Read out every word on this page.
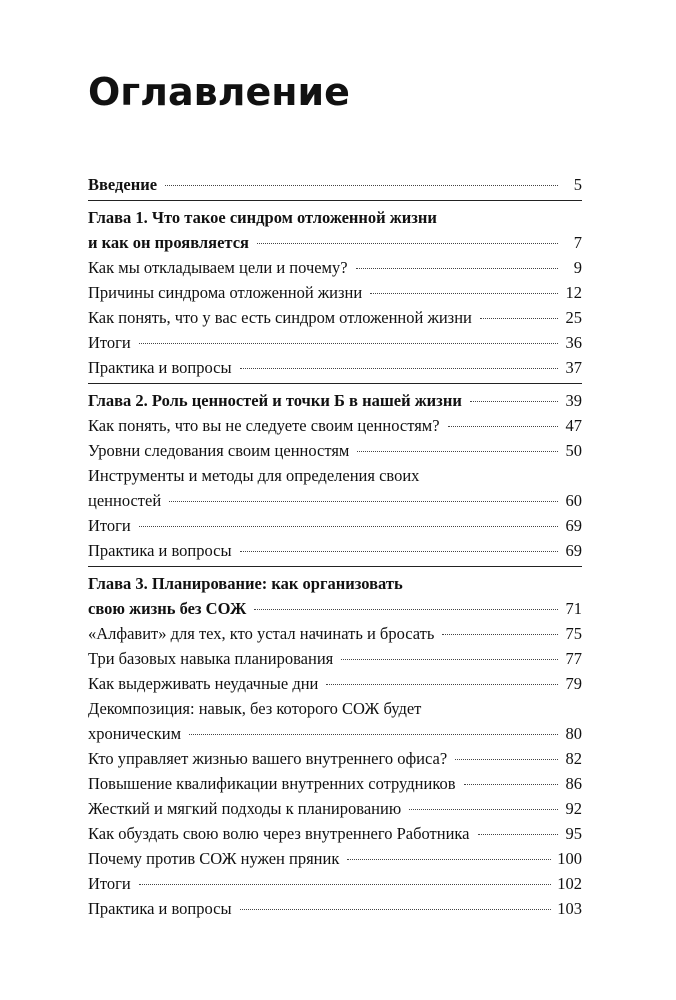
Оглавление
Введение	5
Глава 1. Что такое синдром отложенной жизни
и как он проявляется	7
Как мы откладываем цели и почему?	9
Причины синдрома отложенной жизни	12
Как понять, что у вас есть синдром отложенной жизни	25
Итоги	36
Практика и вопросы	37
Глава 2. Роль ценностей и точки Б в нашей жизни	39
Как понять, что вы не следуете своим ценностям?	47
Уровни следования своим ценностям	50
Инструменты и методы для определения своих
ценностей	60
Итоги	69
Практика и вопросы	69
Глава 3. Планирование: как организовать
свою жизнь без СОЖ	71
«Алфавит» для тех, кто устал начинать и бросать	75
Три базовых навыка планирования	77
Как выдерживать неудачные дни	79
Декомпозиция: навык, без которого СОЖ будет
хроническим	80
Кто управляет жизнью вашего внутреннего офиса?	82
Повышение квалификации внутренних сотрудников	86
Жесткий и мягкий подходы к планированию	92
Как обуздать свою волю через внутреннего Работника	95
Почему против СОЖ нужен пряник	100
Итоги	102
Практика и вопросы	103
